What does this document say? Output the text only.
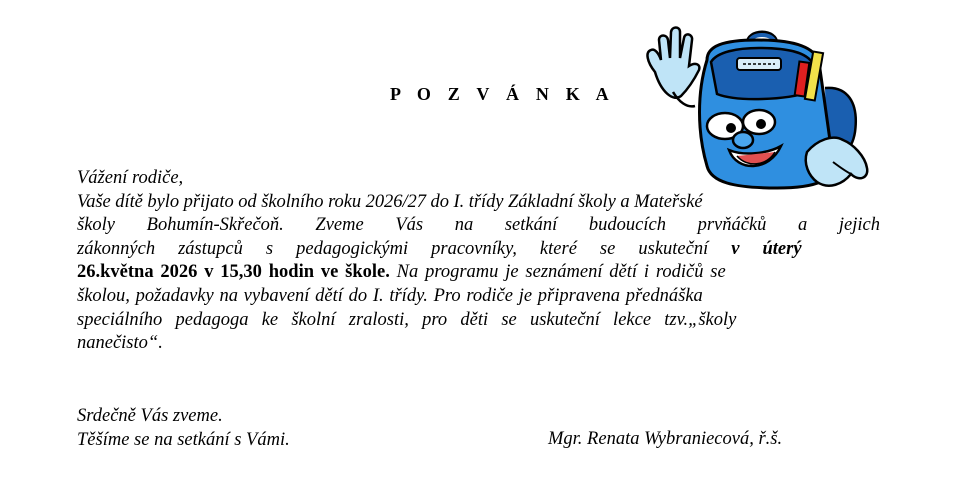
P O Z V Á N K A
Vážení rodiče,
Vaše dítě bylo přijato od školního roku 2026/27 do I. třídy Základní školy a Mateřské
školy Bohumín-Skřečoň. Zveme Vás na setkání budoucích prvňáčků a jejich
zákonných zástupců s pedagogickými pracovníky, které se uskuteční v úterý
26.května 2026 v 15,30 hodin ve škole. Na programu je seznámení dětí i rodičů se
školou, požadavky na vybavení dětí do I. třídy. Pro rodiče je připravena přednáška
speciálního pedagoga ke školní zralosti, pro děti se uskuteční lekce tzv.„školy
nanečisto“.
Srdečně Vás zveme.
Těšíme se na setkání s Vámi.	Mgr. Renata Wybraniecová, ř.š.
